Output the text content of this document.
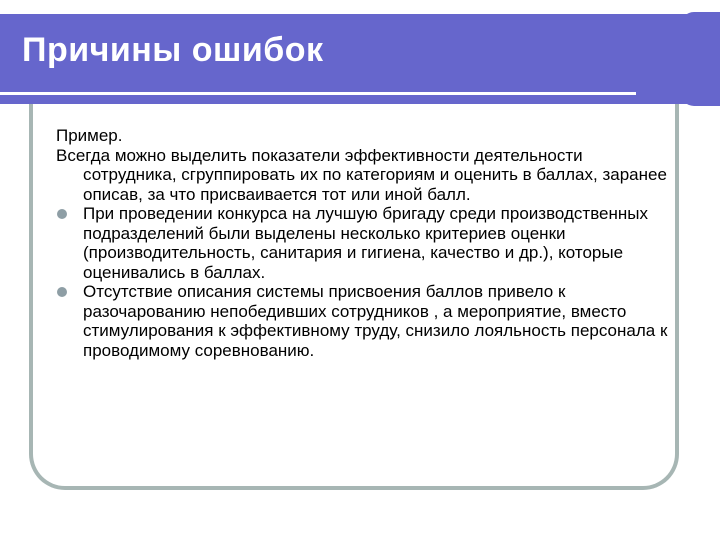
Причины ошибок

Пример.

Всегда можно выделить показатели эффективности деятельности сотрудника, сгруппировать их по категориям и оценить в баллах, заранее описав, за что присваивается тот или иной балл.

При проведении конкурса на лучшую бригаду среди производственных подразделений были выделены несколько критериев оценки (производительность, санитария и гигиена, качество и др.), которые оценивались в баллах.
Отсутствие описания системы присвоения баллов привело к разочарованию непобедивших сотрудников , а мероприятие, вместо стимулирования к эффективному труду, снизило лояльность персонала к проводимому соревнованию.
